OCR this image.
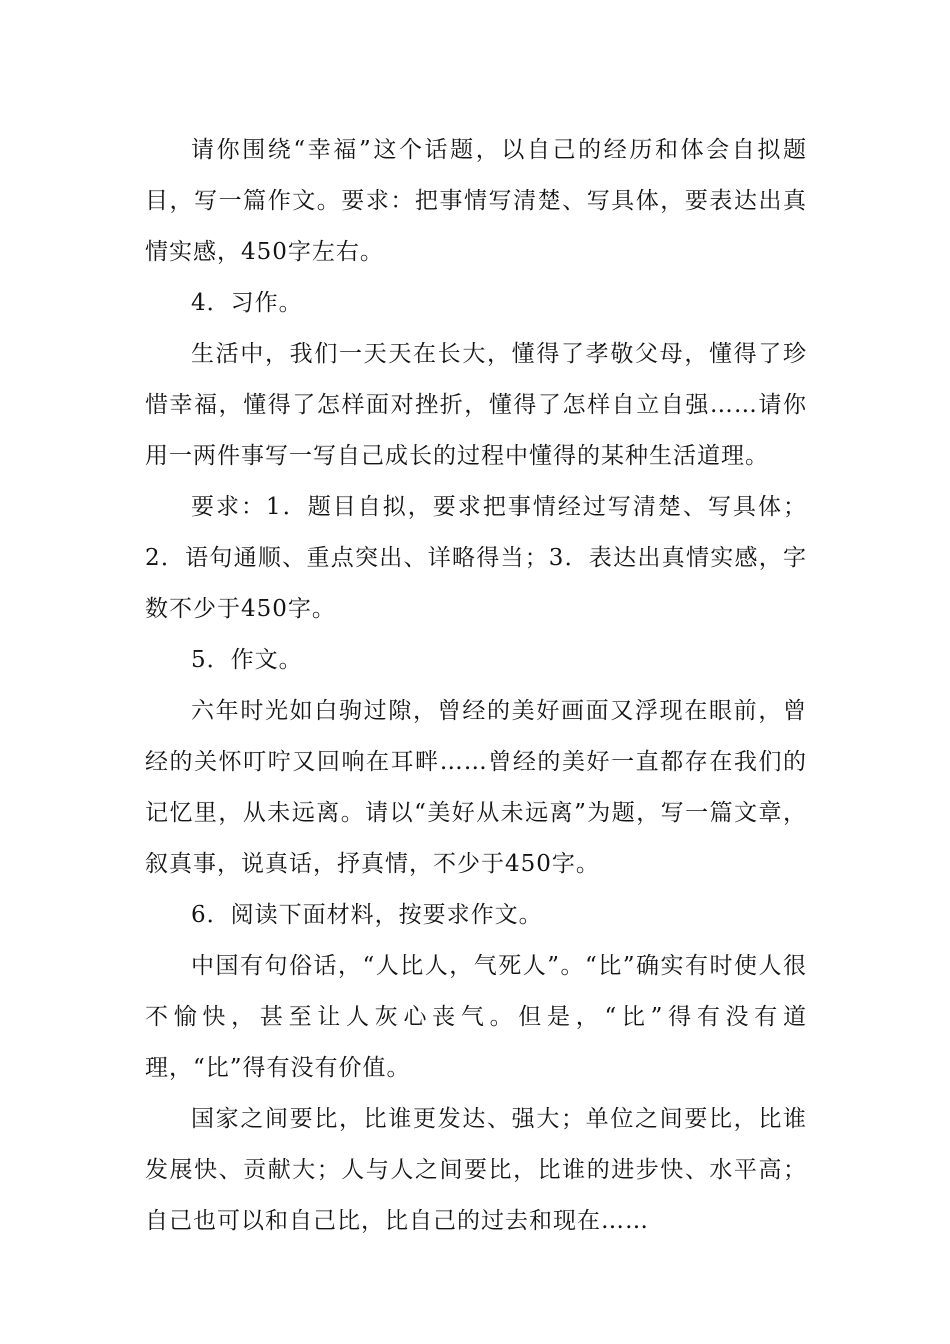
请你围绕“幸福”这个话题，以自己的经历和体会自拟题目，写一篇作文。要求：把事情写清楚、写具体，要表达出真情实感，450字左右。

4．习作。

生活中，我们一天天在长大，懂得了孝敬父母，懂得了珍惜幸福，懂得了怎样面对挫折，懂得了怎样自立自强……请你用一两件事写一写自己成长的过程中懂得的某种生活道理。

要求：1．题目自拟，要求把事情经过写清楚、写具体；2．语句通顺、重点突出、详略得当；3．表达出真情实感，字数不少于450字。

5．作文。

六年时光如白驹过隙，曾经的美好画面又浮现在眼前，曾经的关怀叮咛又回响在耳畔……曾经的美好一直都存在我们的记忆里，从未远离。请以“美好从未远离”为题，写一篇文章，叙真事，说真话，抒真情，不少于450字。

6．阅读下面材料，按要求作文。

中国有句俗话，“人比人，气死人”。“比”确实有时使人很不愉快，甚至让人灰心丧气。但是，“比”得有没有道理，“比”得有没有价值。

国家之间要比，比谁更发达、强大；单位之间要比，比谁发展快、贡献大；人与人之间要比，比谁的进步快、水平高；自己也可以和自己比，比自己的过去和现在……
